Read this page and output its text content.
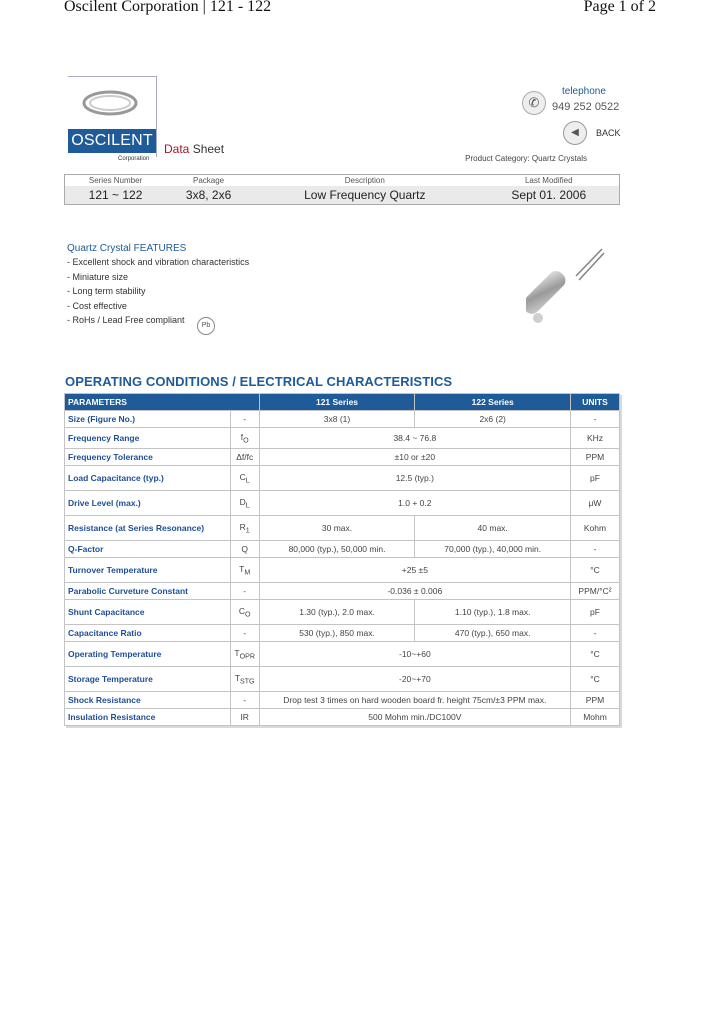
Oscilent Corporation | 121 - 122	Page 1 of 2
OSCILENT
Corporation
Data Sheet
✆
telephone
949 252 0522
◀	BACK
Product Category: Quartz Crystals
Series Number	Package	Description	Last Modified
121 ~ 122	3x8, 2x6	Low Frequency Quartz	Sept 01. 2006
Quartz Crystal FEATURES
- Excellent shock and vibration characteristics
- Miniature size
- Long term stability
- Cost effective
- RoHs / Lead Free compliant
Pb
OPERATING CONDITIONS / ELECTRICAL CHARACTERISTICS
PARAMETERS		121 Series	122 Series	UNITS
Size (Figure No.)	-	3x8 (1)	2x6 (2)	-
Frequency Range	$f_O$	38.4 ~ 76.8		KHz
Frequency Tolerance	Δf/fc	±10 or ±20		PPM
Load Capacitance (typ.)	$C_L$	12.5 (typ.)		pF
Drive Level (max.)	$D_L$	1.0 + 0.2		μW
Resistance (at Series Resonance)	$R_1$	30 max.	40 max.	Kohm
Q-Factor	Q	80,000 (typ.), 50,000 min.	70,000 (typ.), 40,000 min.	-
Turnover Temperature	$T_M$	+25 ±5		°C
Parabolic Curveture Constant	-	-0.036 ± 0.006		PPM/°C²
Shunt Capacitance	$C_O$	1.30 (typ.), 2.0 max.	1.10 (typ.), 1.8 max.	pF
Capacitance Ratio	-	530 (typ.), 850 max.	470 (typ.), 650 max.	-
Operating Temperature	$T_{OPR}$	-10~+60		°C
Storage Temperature	$T_{STG}$	-20~+70		°C
Shock Resistance	-	Drop test 3 times on hard wooden board fr. height 75cm/±3 PPM max.		PPM
Insulation Resistance	IR	500 Mohm min./DC100V		Mohm
